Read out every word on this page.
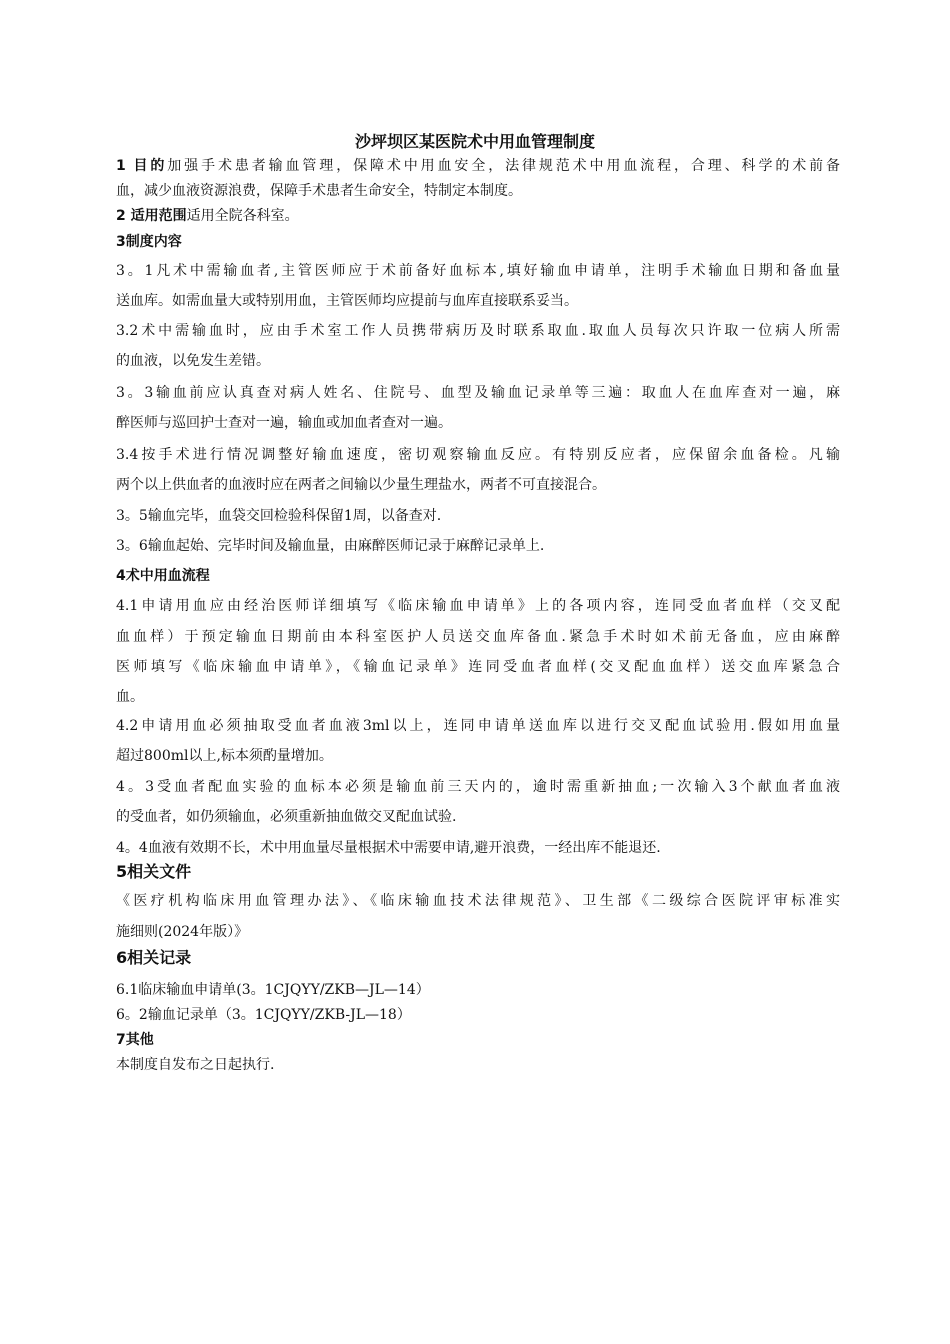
沙坪坝区某医院术中用血管理制度
1 目的加强手术患者输血管理，保障术中用血安全，法律规范术中用血流程，合理、科学的术前备
血，减少血液资源浪费，保障手术患者生命安全，特制定本制度。
2 适用范围适用全院各科室。
3制度内容
3。1凡术中需输血者,主管医师应于术前备好血标本,填好输血申请单，注明手术输血日期和备血量
送血库。如需血量大或特别用血，主管医师均应提前与血库直接联系妥当。
3.2术中需输血时，应由手术室工作人员携带病历及时联系取血.取血人员每次只许取一位病人所需
的血液，以免发生差错。
3。3输血前应认真查对病人姓名、住院号、血型及输血记录单等三遍：取血人在血库查对一遍，麻
醉医师与巡回护士查对一遍，输血或加血者查对一遍。
3.4按手术进行情况调整好输血速度，密切观察输血反应。有特别反应者，应保留余血备检。凡输
两个以上供血者的血液时应在两者之间输以少量生理盐水，两者不可直接混合。
3。5输血完毕，血袋交回检验科保留1周，以备查对.
3。6输血起始、完毕时间及输血量，由麻醉医师记录于麻醉记录单上.
4术中用血流程
4.1申请用血应由经治医师详细填写《临床输血申请单》上的各项内容，连同受血者血样（交叉配
血血样）于预定输血日期前由本科室医护人员送交血库备血.紧急手术时如术前无备血，应由麻醉
医师填写《临床输血申请单》，《输血记录单》连同受血者血样(交叉配血血样）送交血库紧急合
血。
4.2申请用血必须抽取受血者血液3ml以上，连同申请单送血库以进行交叉配血试验用.假如用血量
超过800ml以上,标本须酌量增加。
4。3受血者配血实验的血标本必须是输血前三天内的，逾时需重新抽血;一次输入3个献血者血液
的受血者，如仍须输血，必须重新抽血做交叉配血试验.
4。4血液有效期不长，术中用血量尽量根据术中需要申请,避开浪费，一经出库不能退还.
5相关文件
《医疗机构临床用血管理办法》、《临床输血技术法律规范》、卫生部《二级综合医院评审标准实
施细则(2024年版）》
6相关记录
6.1临床输血申请单(3。1CJQYY/ZKB—JL—14）
6。2输血记录单（3。1CJQYY/ZKB-JL—18）
7其他
本制度自发布之日起执行.
